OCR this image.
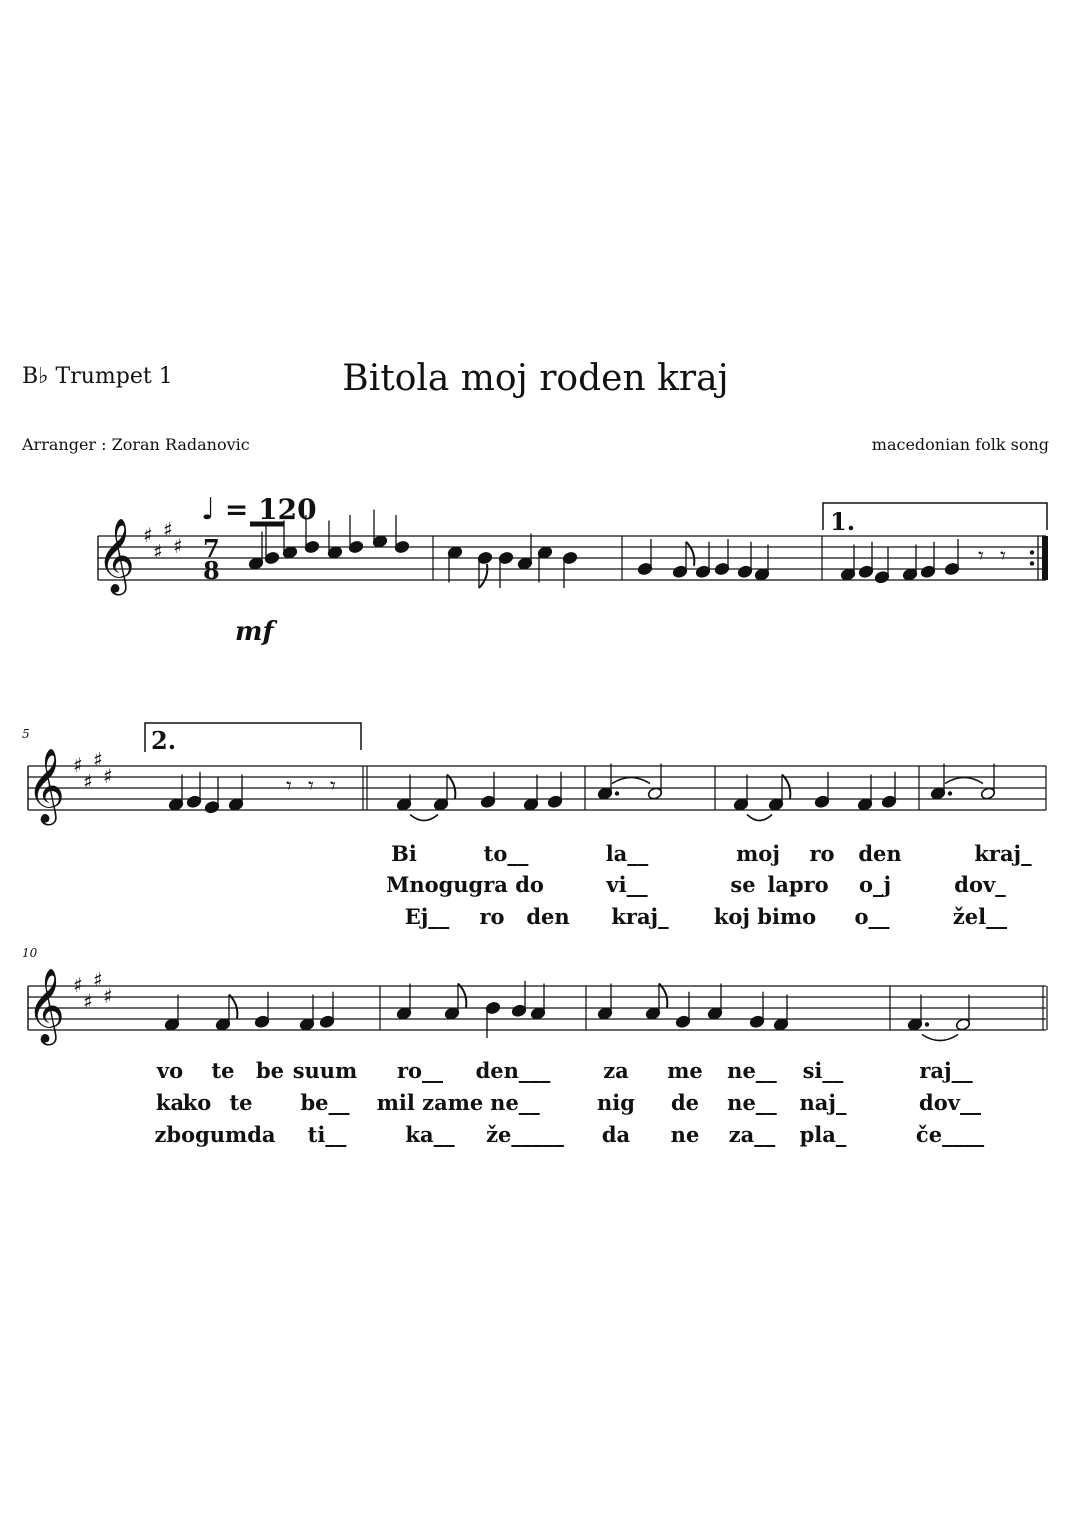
B♭ Trumpet 1	Bitola moj roden kraj
Arranger : Zoran Radanovic	macedonian folk song
♩ = 120
mf
5
10
1.
2.
𝄞 ♯
♯
♯
♯ 7
8	𝄾 𝄾
𝄞 ♯
♯
♯
♯	𝄾 𝄾 𝄾
𝄞 ♯
♯
♯
♯
Bi	to__	la__	moj ro den	kraj_
Mnogugra do	vi__	se lapro o_j	dov_
Ej__ ro den kraj_ koj bimo o__	žel__
vo te be suum ro__ den___	za me ne__ si__	raj__
ka
ko te be__ mil zame ne__	nig de ne__ naj_	dov__
zbogumda ti__	ka__ že_____ da ne za__ pla_	če____
